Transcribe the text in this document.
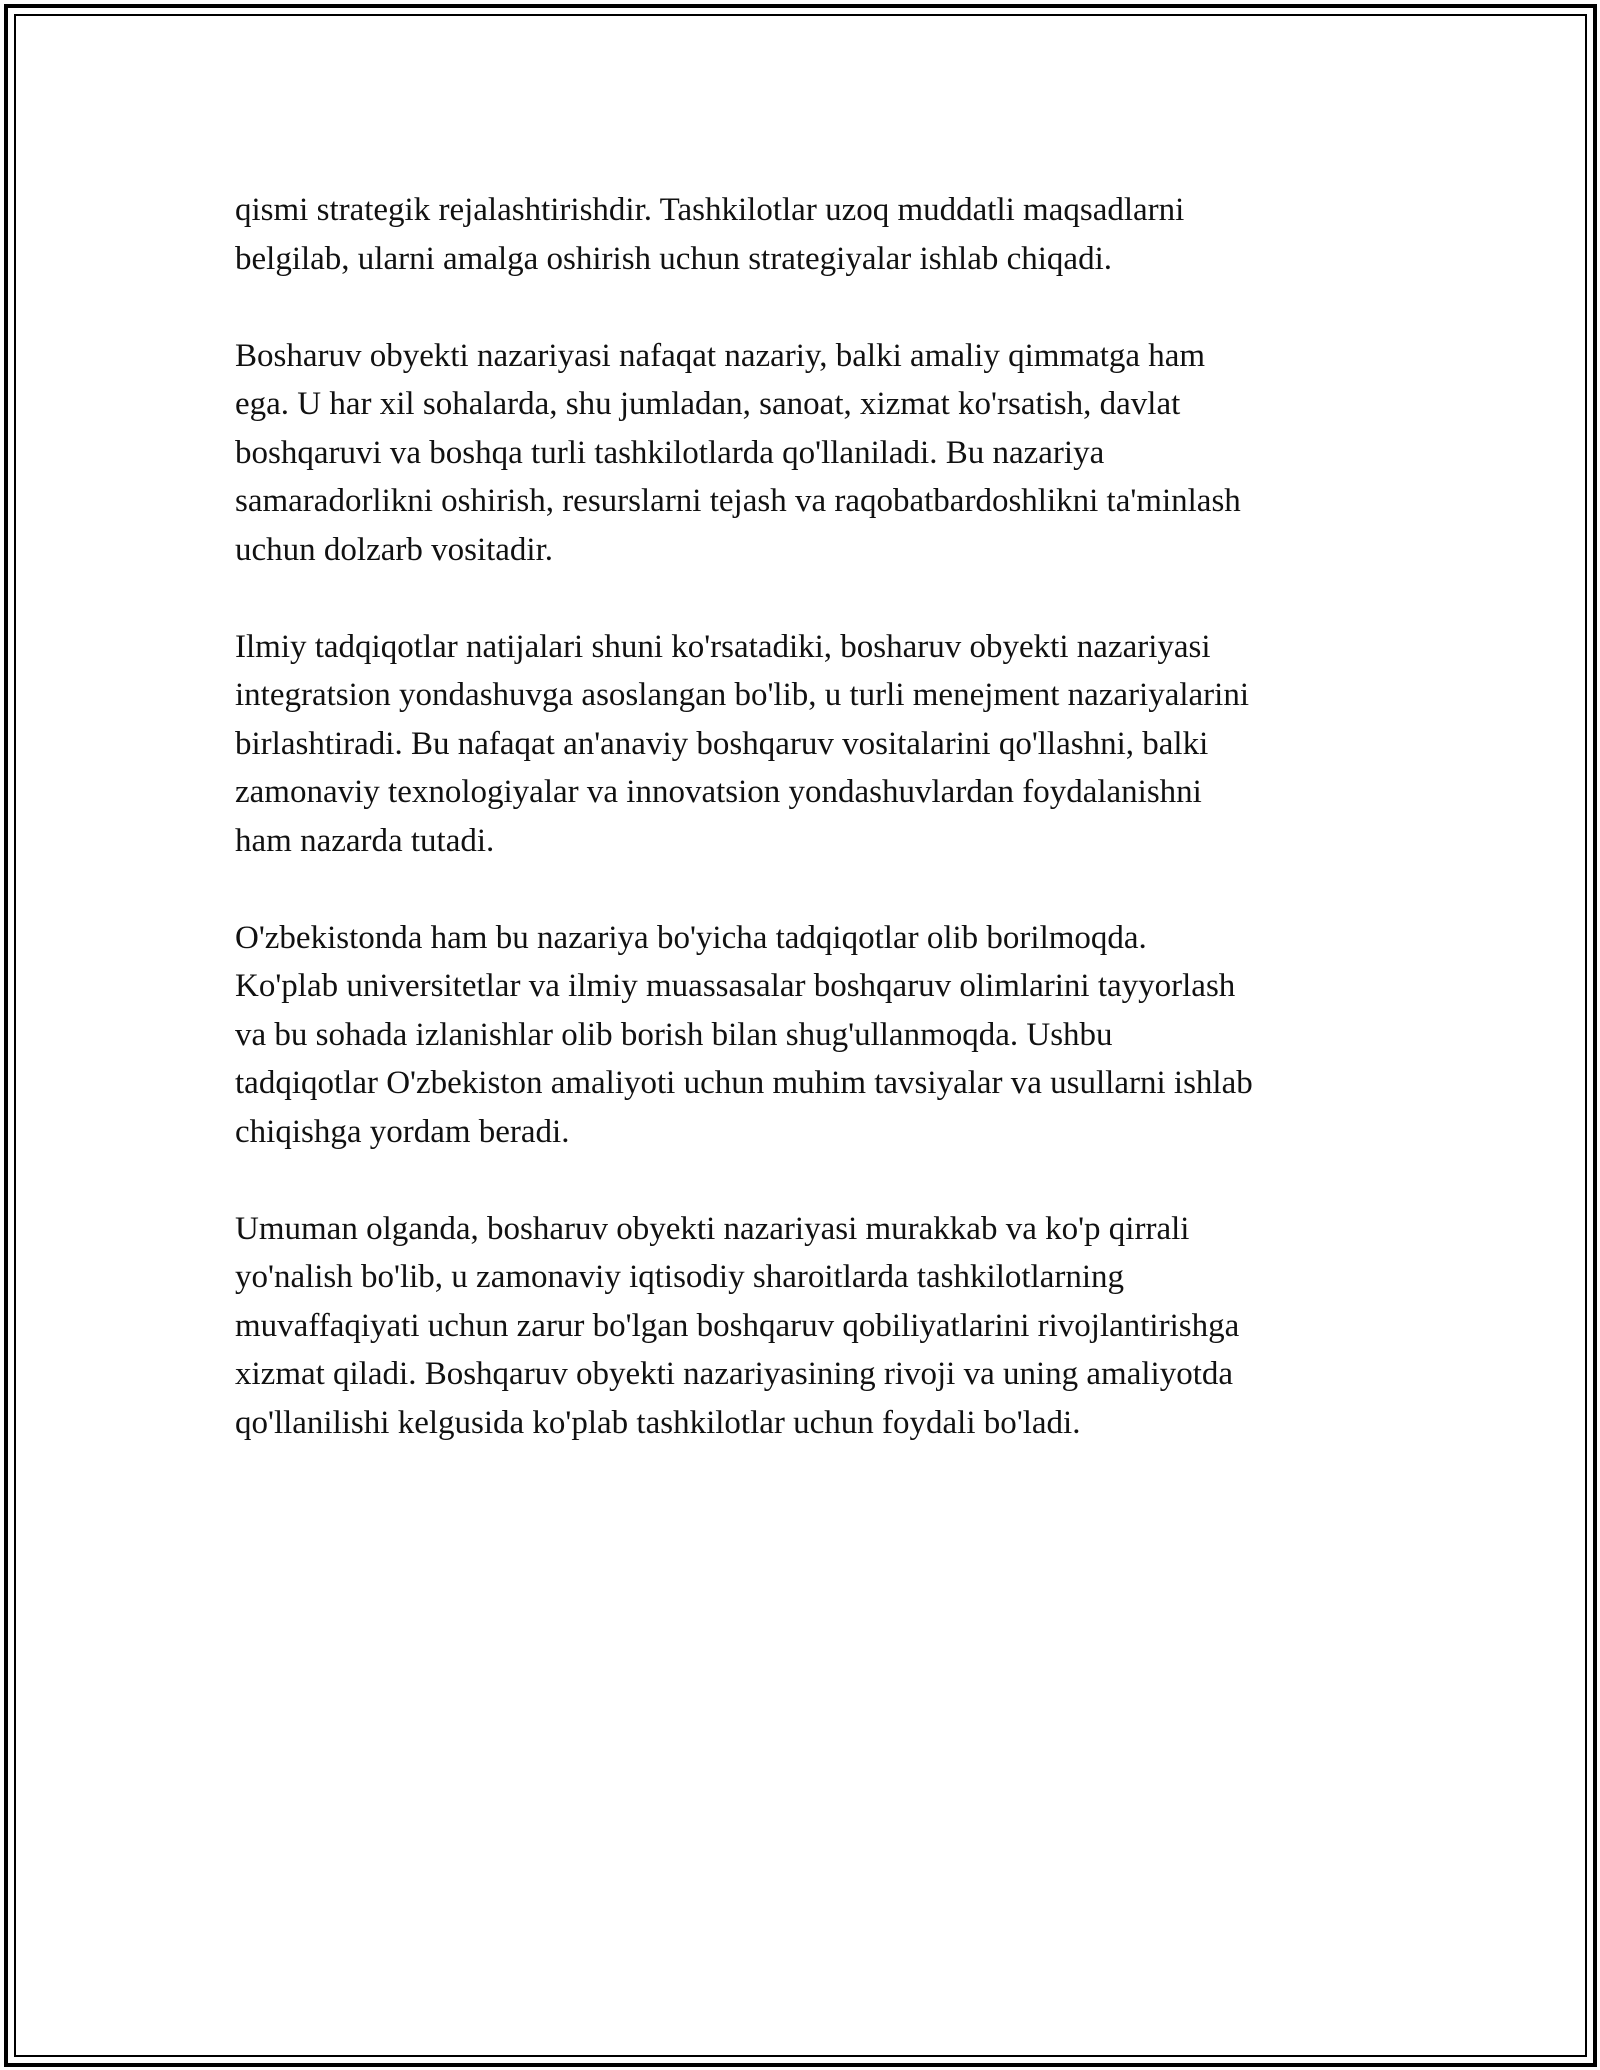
qismi strategik rejalashtirishdir. Tashkilotlar uzoq muddatli maqsadlarni
belgilab, ularni amalga oshirish uchun strategiyalar ishlab chiqadi.

Bosharuv obyekti nazariyasi nafaqat nazariy, balki amaliy qimmatga ham
ega. U har xil sohalarda, shu jumladan, sanoat, xizmat ko'rsatish, davlat
boshqaruvi va boshqa turli tashkilotlarda qo'llaniladi. Bu nazariya
samaradorlikni oshirish, resurslarni tejash va raqobatbardoshlikni ta'minlash
uchun dolzarb vositadir.

Ilmiy tadqiqotlar natijalari shuni ko'rsatadiki, bosharuv obyekti nazariyasi
integratsion yondashuvga asoslangan bo'lib, u turli menejment nazariyalarini
birlashtiradi. Bu nafaqat an'anaviy boshqaruv vositalarini qo'llashni, balki
zamonaviy texnologiyalar va innovatsion yondashuvlardan foydalanishni
ham nazarda tutadi.

O'zbekistonda ham bu nazariya bo'yicha tadqiqotlar olib borilmoqda.
Ko'plab universitetlar va ilmiy muassasalar boshqaruv olimlarini tayyorlash
va bu sohada izlanishlar olib borish bilan shug'ullanmoqda. Ushbu
tadqiqotlar O'zbekiston amaliyoti uchun muhim tavsiyalar va usullarni ishlab
chiqishga yordam beradi.

Umuman olganda, bosharuv obyekti nazariyasi murakkab va ko'p qirrali
yo'nalish bo'lib, u zamonaviy iqtisodiy sharoitlarda tashkilotlarning
muvaffaqiyati uchun zarur bo'lgan boshqaruv qobiliyatlarini rivojlantirishga
xizmat qiladi. Boshqaruv obyekti nazariyasining rivoji va uning amaliyotda
qo'llanilishi kelgusida ko'plab tashkilotlar uchun foydali bo'ladi.
